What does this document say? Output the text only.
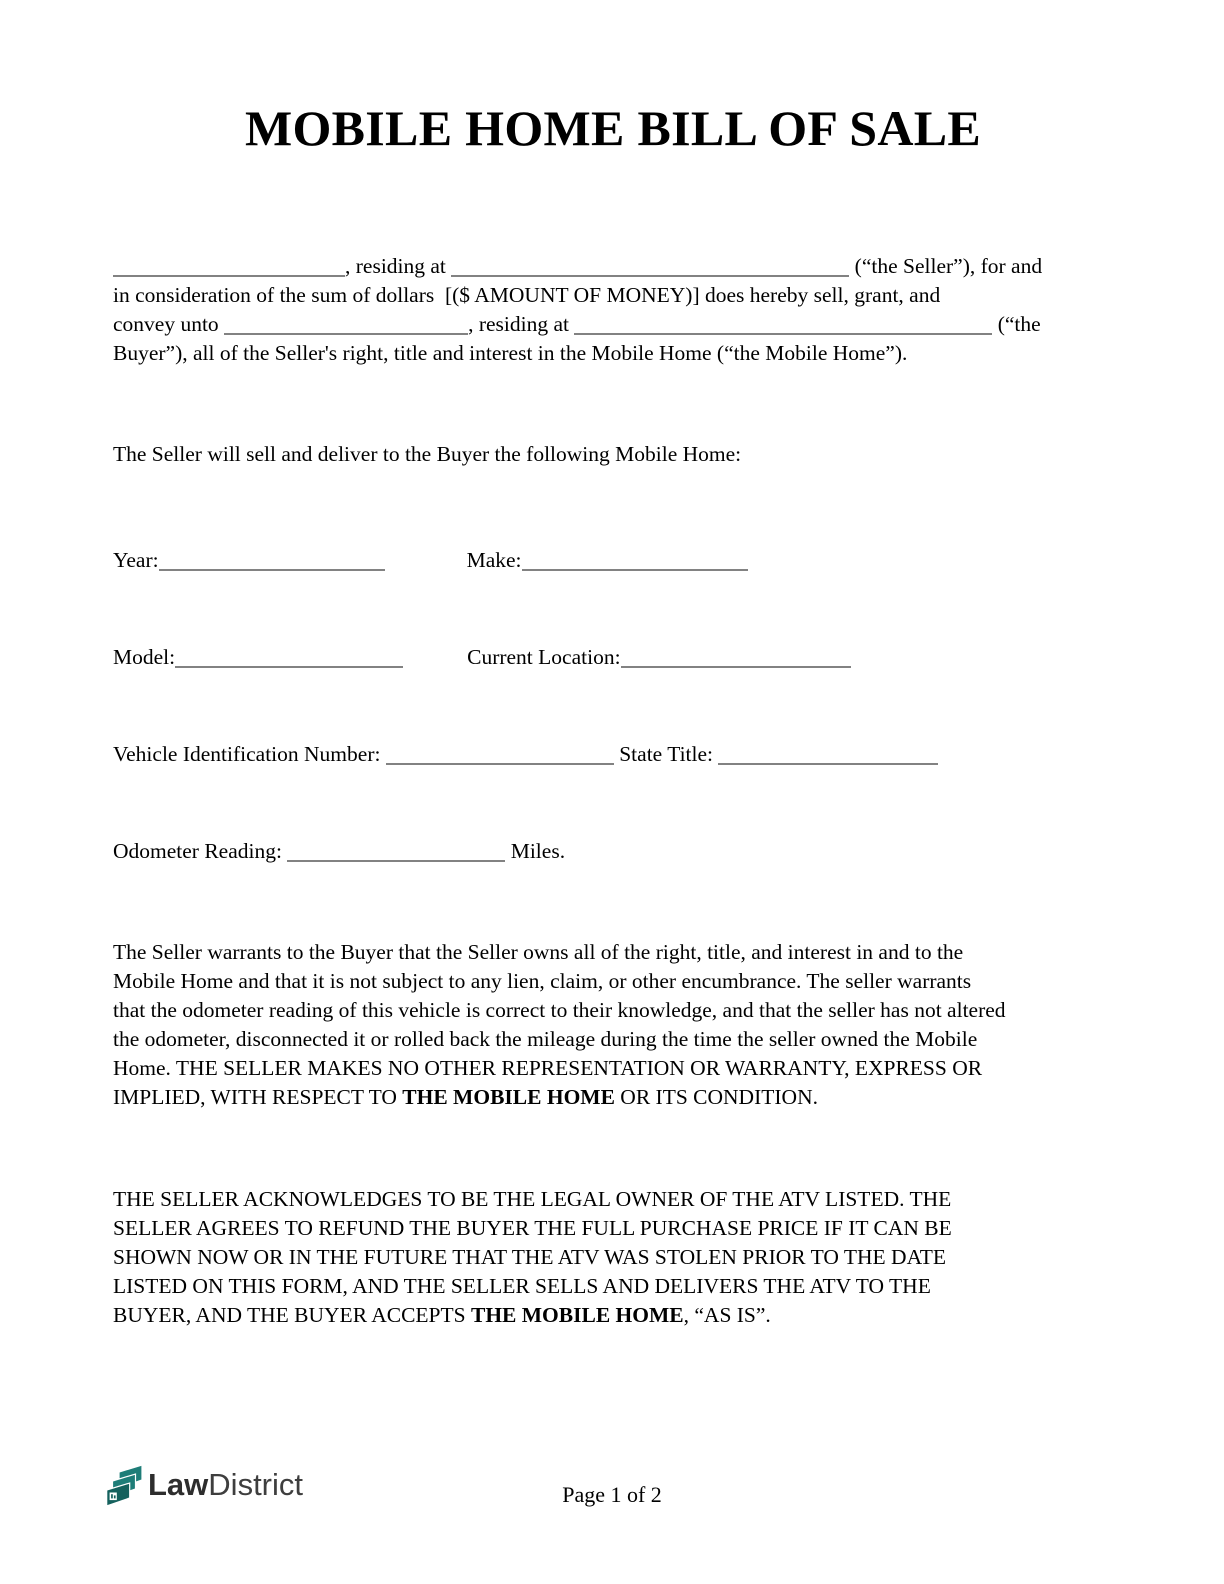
MOBILE HOME BILL OF SALE
, residing at	(“the Seller”), for and
in consideration of the sum of dollars  [($ AMOUNT OF MONEY)] does hereby sell, grant, and
convey unto	, residing at	(“the
Buyer”), all of the Seller's right, title and interest in the Mobile Home (“the Mobile Home”).
The Seller will sell and deliver to the Buyer the following Mobile Home:
Year:	Make:
Model:	Current Location:
Vehicle Identification Number:	State Title:
Odometer Reading:	Miles.
The Seller warrants to the Buyer that the Seller owns all of the right, title, and interest in and to the
Mobile Home and that it is not subject to any lien, claim, or other encumbrance. The seller warrants
that the odometer reading of this vehicle is correct to their knowledge, and that the seller has not altered
the odometer, disconnected it or rolled back the mileage during the time the seller owned the Mobile
Home. THE SELLER MAKES NO OTHER REPRESENTATION OR WARRANTY, EXPRESS OR
IMPLIED, WITH RESPECT TO THE MOBILE HOME OR ITS CONDITION.
THE SELLER ACKNOWLEDGES TO BE THE LEGAL OWNER OF THE ATV LISTED. THE
SELLER AGREES TO REFUND THE BUYER THE FULL PURCHASE PRICE IF IT CAN BE
SHOWN NOW OR IN THE FUTURE THAT THE ATV WAS STOLEN PRIOR TO THE DATE
LISTED ON THIS FORM, AND THE SELLER SELLS AND DELIVERS THE ATV TO THE
BUYER, AND THE BUYER ACCEPTS THE MOBILE HOME, “AS IS”.
LawDistrict	Page 1 of 2
